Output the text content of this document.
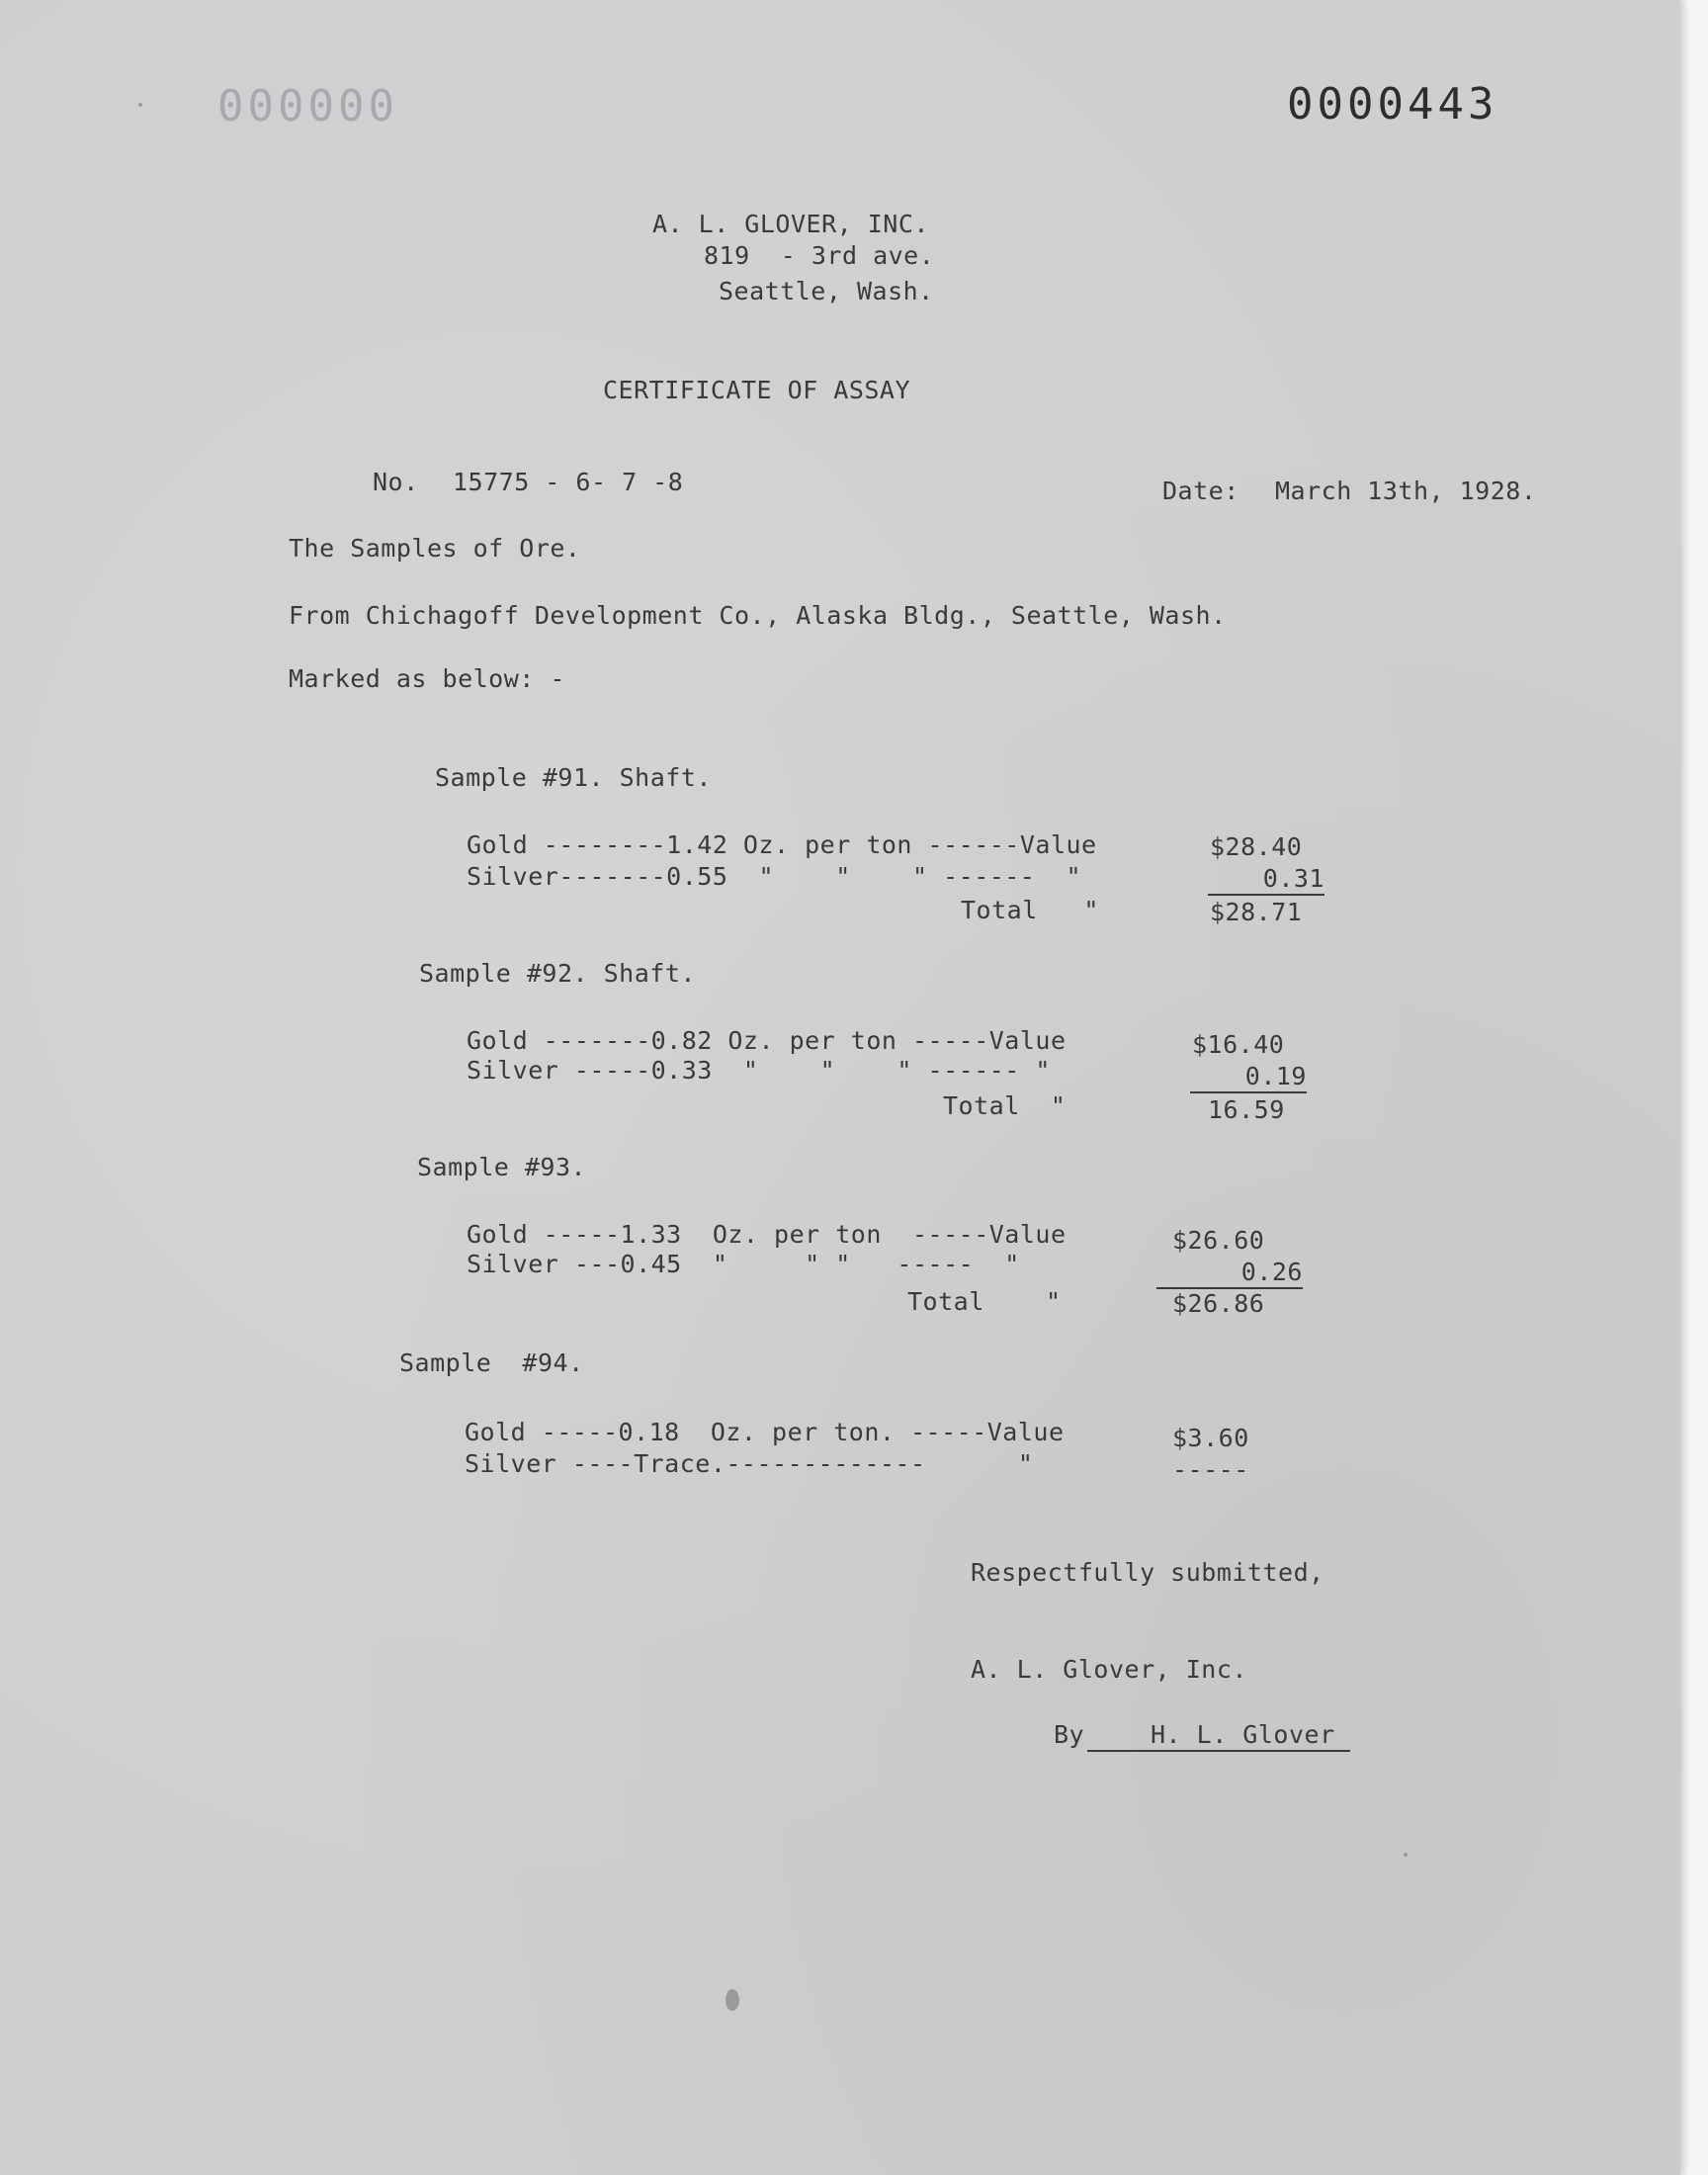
000000	0000443
A. L. GLOVER, INC.
819  - 3rd ave.
Seattle, Wash.
CERTIFICATE OF ASSAY
No. 15775 - 6- 7 -8	Date: March 13th, 1928.
The Samples of Ore.
From Chichagoff Development Co., Alaska Bldg., Seattle, Wash.
Marked as below: -
Sample #91. Shaft.
Gold --------1.42 Oz. per ton ------Value	$28.40
Silver-------0.55  "    "    " ------  "	0.31
Total   "	$28.71
Sample #92. Shaft.
Gold -------0.82 Oz. per ton -----Value	$16.40
Silver -----0.33  "    "    " ------ "	0.19
Total  "	16.59
Sample #93.
Gold -----1.33  Oz. per ton  -----Value	$26.60
Silver ---0.45  "     " "   -----  "	0.26
Total    "	$26.86
Sample  #94.
Gold -----0.18  Oz. per ton. -----Value	$3.60
Silver ----Trace.-------------      "	-----
Respectfully submitted,
A. L. Glover, Inc.
By	H. L. Glover
